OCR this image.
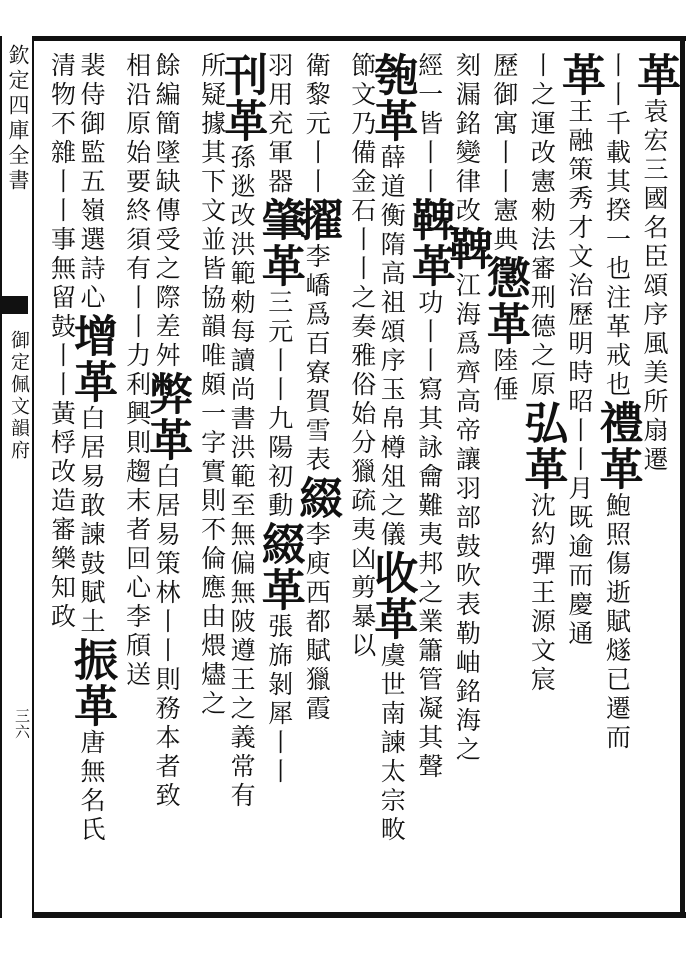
欽定四庫全書
御定佩文韻府
三六
革袁宏三國名臣頌序風美所扇遷
丨丨千載其揆一也注革戒也禮革鮑照傷逝賦燧已遷而
革王融策秀才文治歷明時昭丨丨月既逾而慶通
丨之運改憲勑法審刑德之原弘革沈約彈王源文宸
歷御寓丨丨憲典懲革陸倕
刻漏銘變律改鞞江海爲齊高帝讓羽部鼓吹表勒岫銘海之
經一皆丨丨鞞革功丨丨寫其詠龠難夷邦之業簫管凝其聲
匏革薛道衡隋高祖頌序玉帛樽俎之儀收革虞世南諫太宗畋
節文乃備金石丨丨之奏雅俗始分獵疏夷凶剪暴以
衛黎元丨丨擢李嶠爲百寮賀雪表綴李庾西都賦獵霞
羽用充軍器肇革三元丨丨九陽初動綴革張旆剝犀丨丨
刊革孫逖改洪範勑每讀尚書洪範至無偏無陂遵王之義常有
所疑據其下文並皆協韻唯頗一字實則不倫應由煨燼之
餘編簡墜缺傳受之際差舛弊革白居易策林丨丨則務本者致
相沿原始要終須有丨丨力利興則趨末者回心李頎送
裴侍御監五嶺選詩心增革白居易敢諫鼓賦土振革唐無名氏
清物不雜丨丨事無留鼓丨丨黃桴改造審樂知政
